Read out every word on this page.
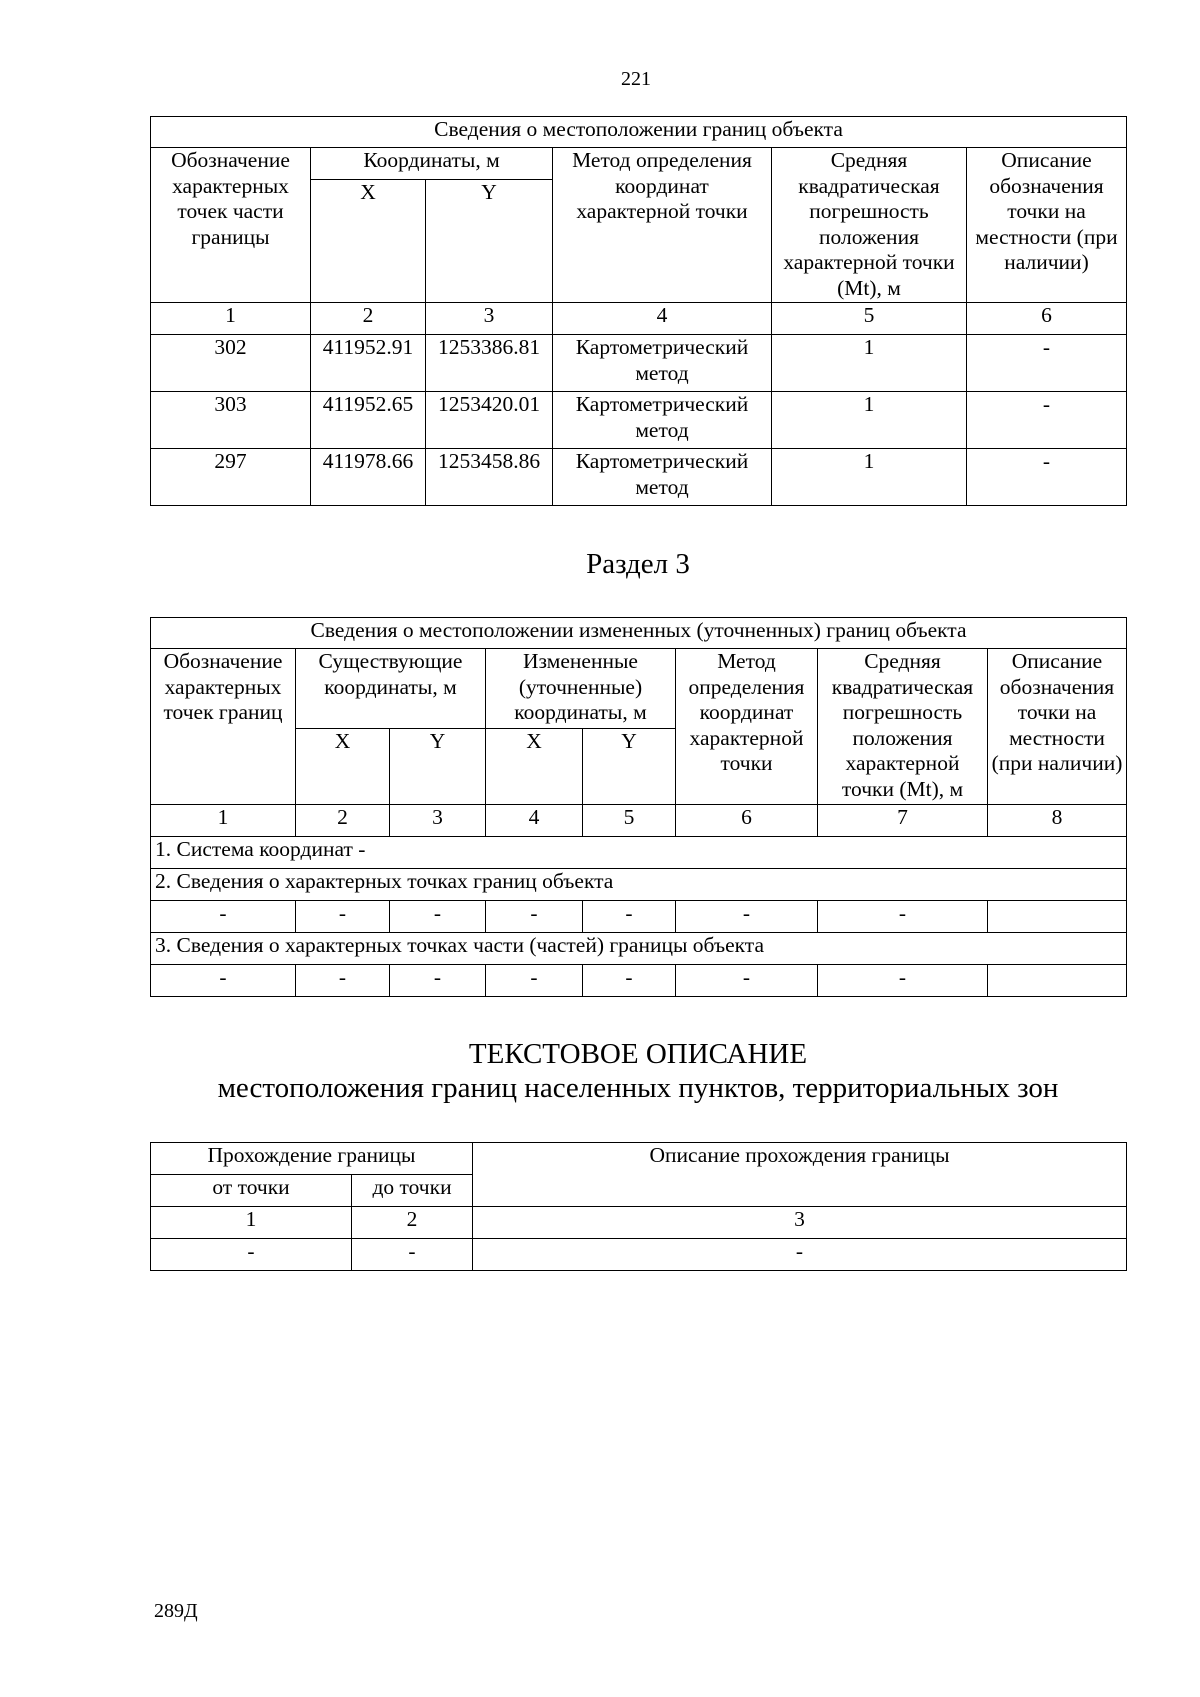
221
Сведения о местоположении границ объекта					
Обозначение характерных точек части границы	Координаты, м		Метод определения координат характерной точки	Средняя квадратическая погрешность положения характерной точки (Mt), м	Описание обозначения точки на местности (при наличии)
	X	Y			
1	2	3	4	5	6
302	411952.91	1253386.81	Картометрический метод	1	-
303	411952.65	1253420.01	Картометрический метод	1	-
297	411978.66	1253458.86	Картометрический метод	1	-
Раздел 3
Сведения о местоположении измененных (уточненных) границ объекта							
Обозначение характерных точек границ	Существующие координаты, м		Измененные (уточненные) координаты, м		Метод определения координат характерной точки	Средняя квадратическая погрешность положения характерной точки (Mt), м	Описание обозначения точки на местности (при наличии)
	X	Y	X	Y			
1	2	3	4	5	6	7	8
1. Система координат -							
2. Сведения о характерных точках границ объекта							
-	-	-	-	-	-	-	
3. Сведения о характерных точках части (частей) границы объекта							
-	-	-	-	-	-	-	
ТЕКСТОВОЕ ОПИСАНИЕ
местоположения границ населенных пунктов, территориальных зон
Прохождение границы		Описание прохождения границы
от точки	до точки	
1	2	3
-	-	-
289Д
